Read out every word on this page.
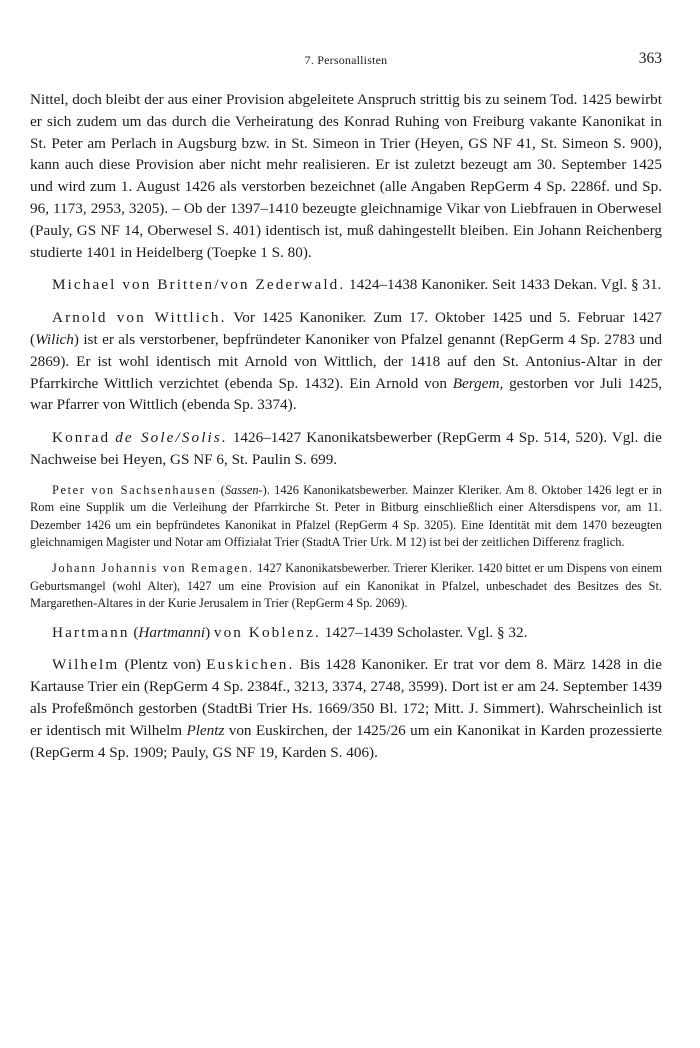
7. Personallisten	363

Nittel, doch bleibt der aus einer Provision abgeleitete Anspruch strittig bis zu seinem Tod. 1425 bewirbt er sich zudem um das durch die Verheiratung des Konrad Ruhing von Freiburg vakante Kanonikat in St. Peter am Perlach in Augsburg bzw. in St. Simeon in Trier (Heyen, GS NF 41, St. Simeon S. 900), kann auch diese Provision aber nicht mehr realisieren. Er ist zuletzt bezeugt am 30. September 1425 und wird zum 1. August 1426 als verstorben bezeichnet (alle Angaben RepGerm 4 Sp. 2286f. und Sp. 96, 1173, 2953, 3205). – Ob der 1397–1410 bezeugte gleichnamige Vikar von Liebfrauen in Oberwesel (Pauly, GS NF 14, Oberwesel S. 401) identisch ist, muß dahingestellt bleiben. Ein Johann Reichenberg studierte 1401 in Heidelberg (Toepke 1 S. 80).

Michael von Britten/von Zederwald. 1424–1438 Kanoniker. Seit 1433 Dekan. Vgl. § 31.

Arnold von Wittlich. Vor 1425 Kanoniker. Zum 17. Oktober 1425 und 5. Februar 1427 (Wilich) ist er als verstorbener, bepfründeter Kanoniker von Pfalzel genannt (RepGerm 4 Sp. 2783 und 2869). Er ist wohl identisch mit Arnold von Wittlich, der 1418 auf den St. Antonius-Altar in der Pfarrkirche Wittlich verzichtet (ebenda Sp. 1432). Ein Arnold von Bergem, gestorben vor Juli 1425, war Pfarrer von Wittlich (ebenda Sp. 3374).

Konrad de Sole/Solis. 1426–1427 Kanonikatsbewerber (RepGerm 4 Sp. 514, 520). Vgl. die Nachweise bei Heyen, GS NF 6, St. Paulin S. 699.

Peter von Sachsenhausen (Sassen-). 1426 Kanonikatsbewerber. Mainzer Kleriker. Am 8. Oktober 1426 legt er in Rom eine Supplik um die Verleihung der Pfarrkirche St. Peter in Bitburg einschließlich einer Altersdispens vor, am 11. Dezember 1426 um ein bepfründetes Kanonikat in Pfalzel (RepGerm 4 Sp. 3205). Eine Identität mit dem 1470 bezeugten gleichnamigen Magister und Notar am Offizialat Trier (StadtA Trier Urk. M 12) ist bei der zeitlichen Differenz fraglich.

Johann Johannis von Remagen. 1427 Kanonikatsbewerber. Trierer Kleriker. 1420 bittet er um Dispens von einem Geburtsmangel (wohl Alter), 1427 um eine Provision auf ein Kanonikat in Pfalzel, unbeschadet des Besitzes des St. Margarethen-Altares in der Kurie Jerusalem in Trier (RepGerm 4 Sp. 2069).

Hartmann (Hartmanni) von Koblenz. 1427–1439 Scholaster. Vgl. § 32.

Wilhelm (Plentz von) Euskichen. Bis 1428 Kanoniker. Er trat vor dem 8. März 1428 in die Kartause Trier ein (RepGerm 4 Sp. 2384f., 3213, 3374, 2748, 3599). Dort ist er am 24. September 1439 als Profeßmönch gestorben (StadtBi Trier Hs. 1669/350 Bl. 172; Mitt. J. Simmert). Wahrscheinlich ist er identisch mit Wilhelm Plentz von Euskirchen, der 1425/26 um ein Kanonikat in Karden prozessierte (RepGerm 4 Sp. 1909; Pauly, GS NF 19, Karden S. 406).
